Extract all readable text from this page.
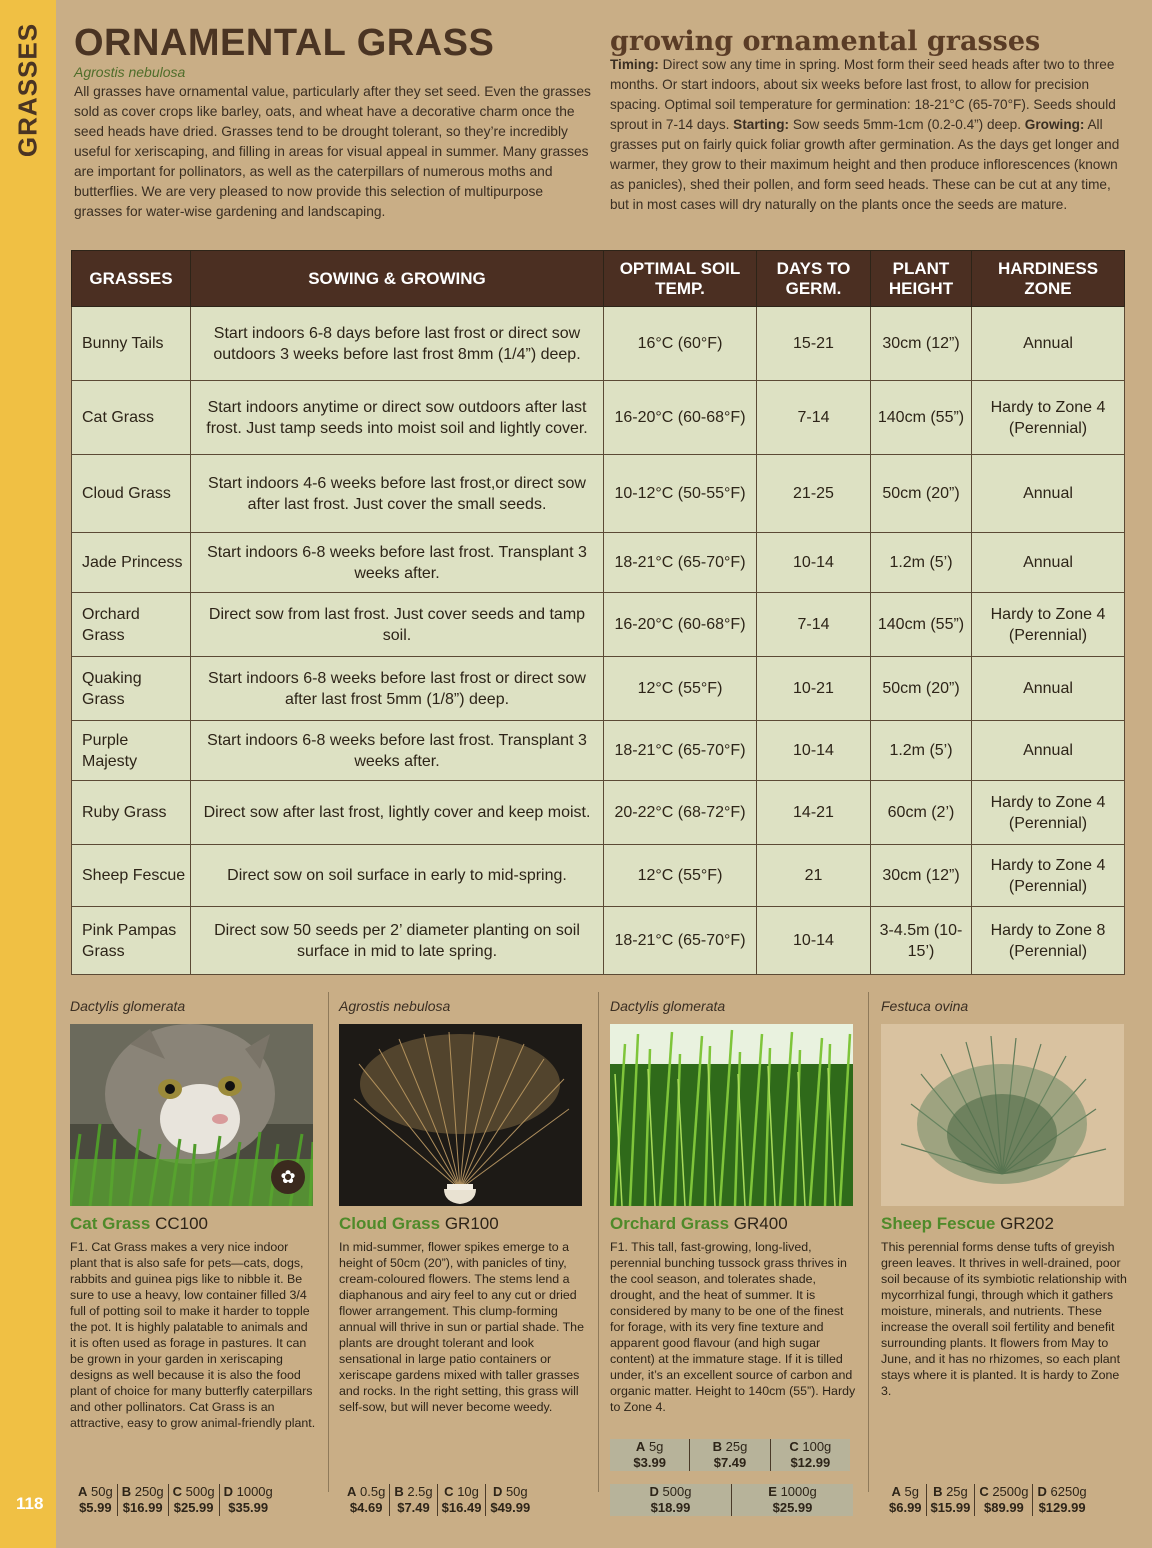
GRASSES
118
ORNAMENTAL GRASS
Agrostis nebulosa
All grasses have ornamental value, particularly after they set seed. Even the grasses sold as cover crops like barley, oats, and wheat have a decorative charm once the seed heads have dried. Grasses tend to be drought tolerant, so they’re incredibly useful for xeriscaping, and filling in areas for visual appeal in summer. Many grasses are important for pollinators, as well as the caterpillars of numerous moths and butterflies. We are very pleased to now provide this selection of multipurpose grasses for water-wise gardening and landscaping.
growing ornamental grasses
Timing: Direct sow any time in spring. Most form their seed heads after two to three months. Or start indoors, about six weeks before last frost, to allow for precision spacing. Optimal soil temperature for germination: 18-21°C (65-70°F). Seeds should sprout in 7-14 days. Starting: Sow seeds 5mm-1cm (0.2-0.4”) deep. Growing: All grasses put on fairly quick foliar growth after germination. As the days get longer and warmer, they grow to their maximum height and then produce inflorescences (known as panicles), shed their pollen, and form seed heads. These can be cut at any time, but in most cases will dry naturally on the plants once the seeds are mature.
GRASSES	SOWING & GROWING	OPTIMAL SOIL TEMP.	DAYS TO GERM.	PLANT HEIGHT	HARDINESS ZONE
Bunny Tails	Start indoors 6-8 days before last frost or direct sow outdoors 3 weeks before last frost 8mm (1/4”) deep.	16°C (60°F)	15-21	30cm (12”)	Annual
Cat Grass	Start indoors anytime or direct sow outdoors after last frost. Just tamp seeds into moist soil and lightly cover.	16-20°C (60-68°F)	7-14	140cm (55”)	Hardy to Zone 4 (Perennial)
Cloud Grass	Start indoors 4-6 weeks before last frost,or direct sow after last frost. Just cover the small seeds.	10-12°C (50-55°F)	21-25	50cm (20”)	Annual
Jade Princess	Start indoors 6-8 weeks before last frost. Transplant 3 weeks after.	18-21°C (65-70°F)	10-14	1.2m (5’)	Annual
Orchard Grass	Direct sow from last frost. Just cover seeds and tamp soil.	16-20°C (60-68°F)	7-14	140cm (55”)	Hardy to Zone 4 (Perennial)
Quaking Grass	Start indoors 6-8 weeks before last frost or direct sow after last frost 5mm (1/8”) deep.	12°C (55°F)	10-21	50cm (20”)	Annual
Purple Majesty	Start indoors 6-8 weeks before last frost. Transplant 3 weeks after.	18-21°C (65-70°F)	10-14	1.2m (5’)	Annual
Ruby Grass	Direct sow after last frost, lightly cover and keep moist.	20-22°C (68-72°F)	14-21	60cm (2’)	Hardy to Zone 4 (Perennial)
Sheep Fescue	Direct sow on soil surface in early to mid-spring.	12°C (55°F)	21	30cm (12”)	Hardy to Zone 4 (Perennial)
Pink Pampas Grass	Direct sow 50 seeds per 2’ diameter planting on soil surface in mid to late spring.	18-21°C (65-70°F)	10-14	3-4.5m (10-15’)	Hardy to Zone 8 (Perennial)

Dactylis glomerata

✿
Cat Grass CC100
F1. Cat Grass makes a very nice indoor plant that is also safe for pets—cats, dogs, rabbits and guinea pigs like to nibble it. Be sure to use a heavy, low container filled 3/4 full of potting soil to make it harder to topple the pot. It is highly palatable to animals and it is often used as forage in pastures. It can be grown in your garden in xeriscaping designs as well because it is also the food plant of choice for many butterfly caterpillars and other pollinators. Cat Grass is an attractive, easy to grow animal-friendly plant.

Agrostis nebulosa

Cloud Grass GR100
In mid-summer, flower spikes emerge to a height of 50cm (20”), with panicles of tiny, cream-coloured flowers. The stems lend a diaphanous and airy feel to any cut or dried flower arrangement. This clump-forming annual will thrive in sun or partial shade. The plants are drought tolerant and look sensational in large patio containers or xeriscape gardens mixed with taller grasses and rocks. In the right setting, this grass will self-sow, but will never become weedy.

Dactylis glomerata

Orchard Grass GR400
F1. This tall, fast-growing, long-lived, perennial bunching tussock grass thrives in the cool season, and tolerates shade, drought, and the heat of summer. It is considered by many to be one of the finest for forage, with its very fine texture and apparent good flavour (and high sugar content) at the immature stage. If it is tilled under, it’s an excellent source of carbon and organic matter. Height to 140cm (55”). Hardy to Zone 4.

Festuca ovina

Sheep Fescue GR202
This perennial forms dense tufts of greyish green leaves. It thrives in well-drained, poor soil because of its symbiotic relationship with mycorrhizal fungi, through which it gathers moisture, minerals, and nutrients. These increase the overall soil fertility and benefit surrounding plants. It flowers from May to June, and it has no rhizomes, so each plant stays where it is planted. It is hardy to Zone 3.
A 50g
$5.99
B 250g
$16.99
C 500g
$25.99
D 1000g
$35.99
A 0.5g
$4.69
B 2.5g
$7.49
C 10g
$16.49
D 50g
$49.99
A 5g
$3.99
B 25g
$7.49
C 100g
$12.99
D 500g
$18.99
E 1000g
$25.99
A 5g
$6.99
B 25g
$15.99
C 2500g
$89.99
D 6250g
$129.99
